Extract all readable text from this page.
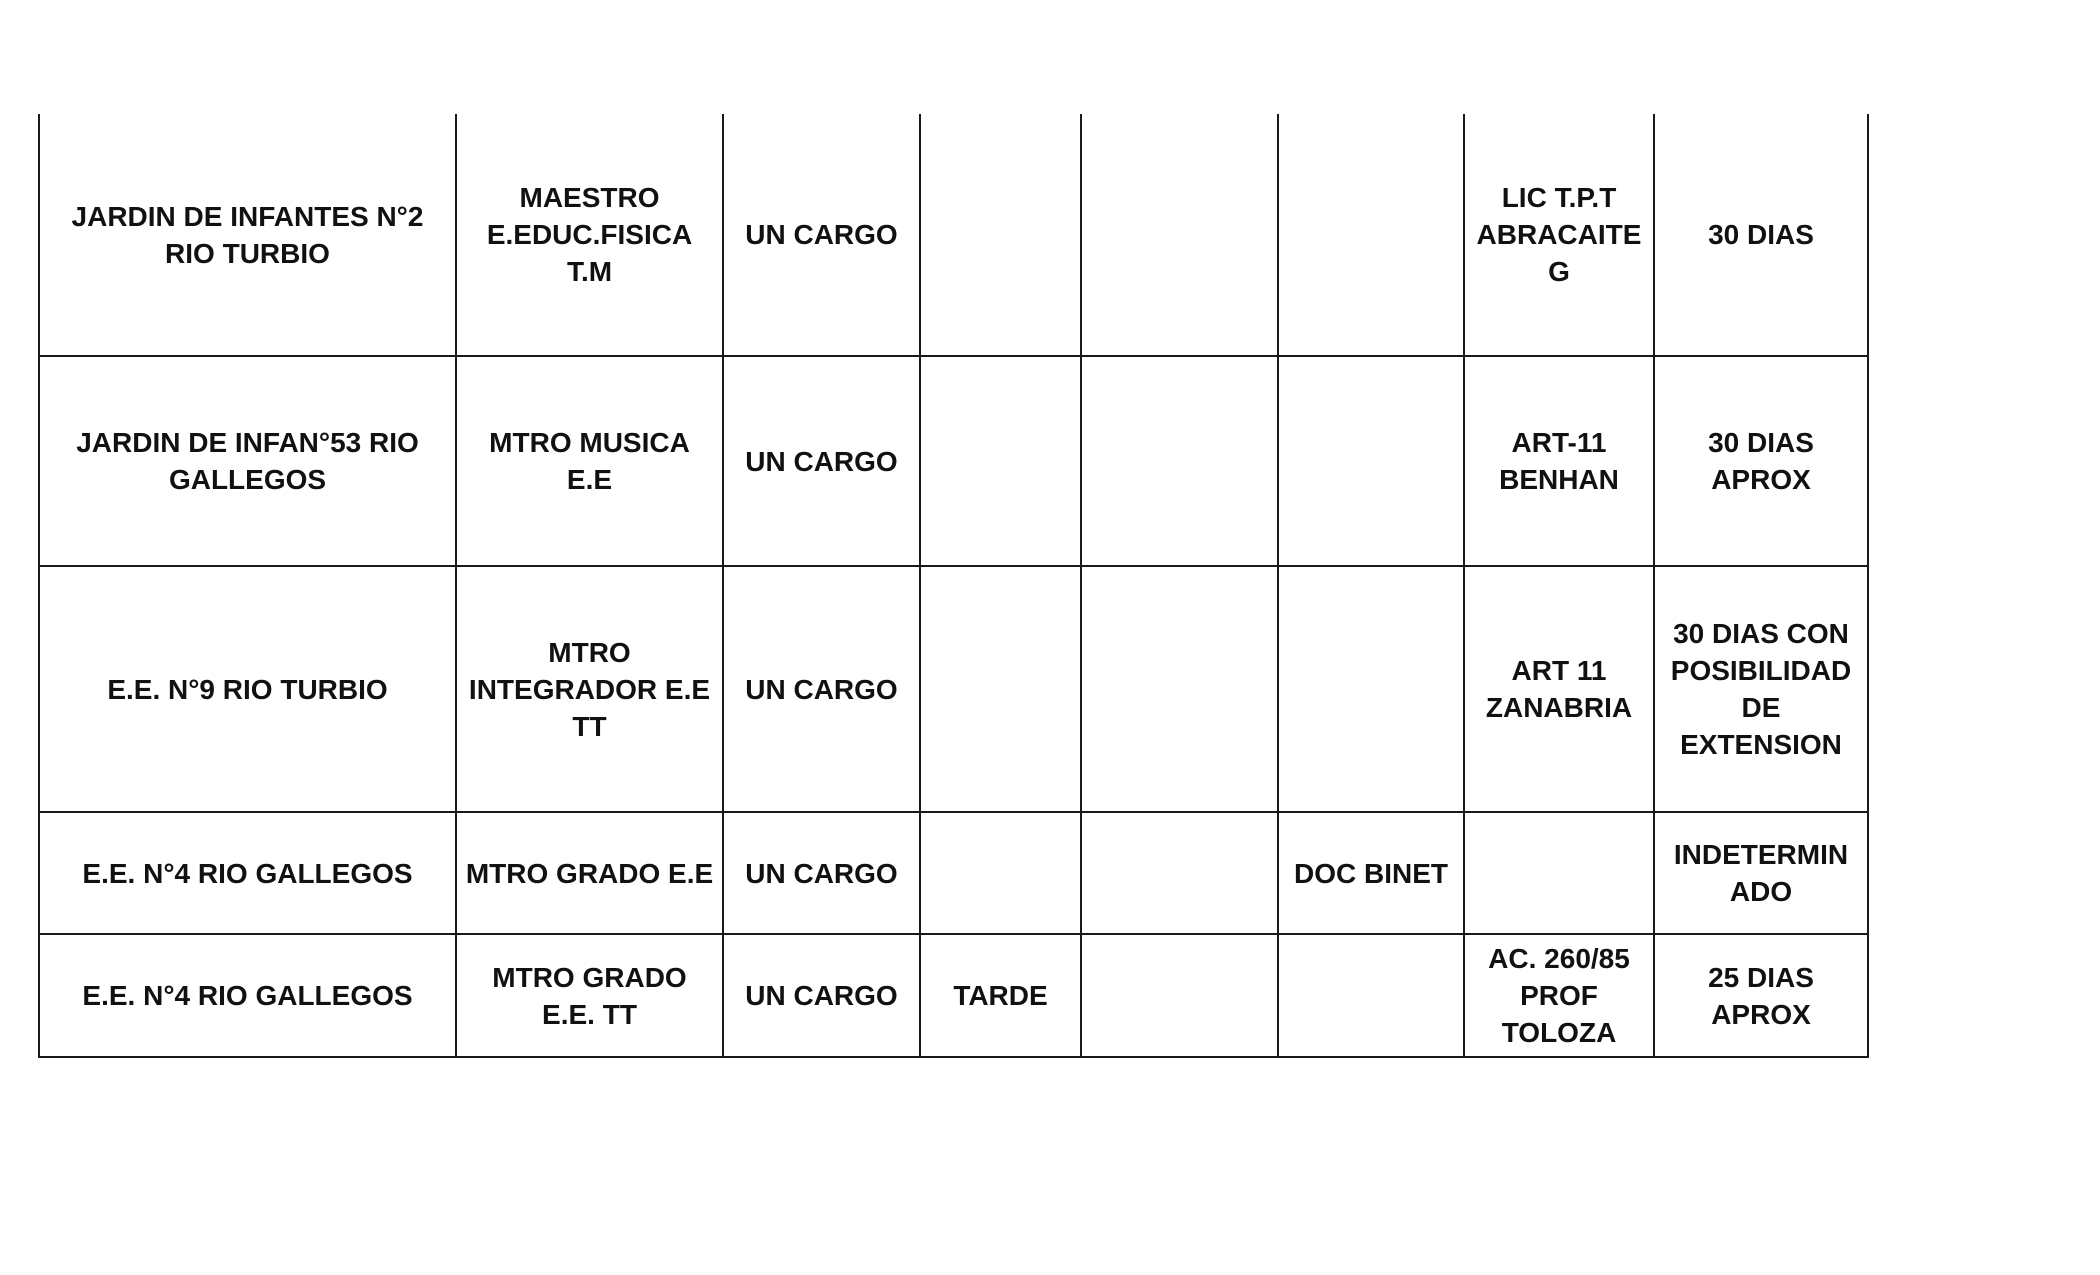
JARDIN DE INFANTES N°2 RIO TURBIO	MAESTRO E.EDUC.FISICA T.M	UN CARGO				LIC T.P.T ABRACAITE G	30 DIAS
JARDIN DE INFAN°53 RIO GALLEGOS	MTRO MUSICA E.E	UN CARGO				ART-11 BENHAN	30 DIAS APROX
E.E. N°9 RIO TURBIO	MTRO INTEGRADOR E.E TT	UN CARGO				ART 11 ZANABRIA	30 DIAS CON POSIBILIDAD DE EXTENSION
E.E. N°4 RIO GALLEGOS	MTRO GRADO E.E	UN CARGO			DOC BINET		INDETERMIN ADO
E.E. N°4 RIO GALLEGOS	MTRO GRADO E.E. TT	UN CARGO	TARDE			AC. 260/85 PROF TOLOZA	25 DIAS APROX
